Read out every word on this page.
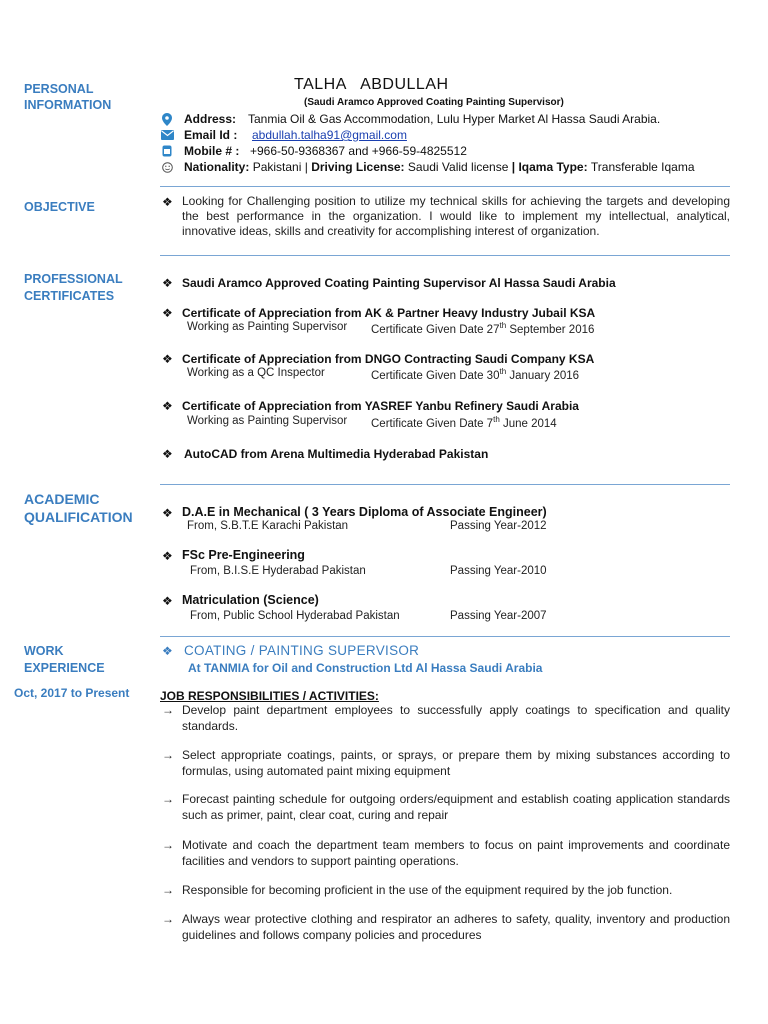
PERSONAL
INFORMATION
OBJECTIVE
PROFESSIONAL
CERTIFICATES
ACADEMIC
QUALIFICATION
WORK
EXPERIENCE
TALHA ABDULLAH
(Saudi Aramco Approved Coating Painting Supervisor)
Address: Tanmia Oil & Gas Accommodation, Lulu Hyper Market Al Hassa Saudi Arabia.
Email Id :	abdullah.talha91@gmail.com
Mobile # : +966-50-9368367 and +966-59-4825512
Nationality:
Pakistani |
Driving License:
Saudi Valid license
| Iqama Type:
Transferable Iqama
❖ Looking for Challenging position to utilize my technical skills for achieving the targets and developing the best performance in the organization. I would like to implement my intellectual, analytical, innovative ideas, skills and creativity for accomplishing interest of organization.
❖ Saudi Aramco Approved Coating Painting Supervisor Al Hassa Saudi Arabia
❖ Certificate of Appreciation from AK & Partner Heavy Industry Jubail KSA
Working as Painting Supervisor Certificate Given Date 27th September 2016
❖ Certificate of Appreciation from DNGO Contracting Saudi Company KSA
Working as a QC Inspector	Certificate Given Date 30th January 2016
❖ Certificate of Appreciation from YASREF Yanbu Refinery Saudi Arabia
Working as Painting Supervisor Certificate Given Date 7th June 2014
❖ AutoCAD from Arena Multimedia Hyderabad Pakistan
❖ D.A.E in Mechanical ( 3 Years Diploma of Associate Engineer)
From, S.B.T.E Karachi Pakistan	Passing Year-2012
❖ FSc Pre-Engineering
From, B.I.S.E Hyderabad Pakistan	Passing Year-2010
❖ Matriculation (Science)
From, Public School Hyderabad Pakistan	Passing Year-2007
Oct, 2017 to Present
❖ COATING / PAINTING SUPERVISOR
At TANMIA for Oil and Construction Ltd Al Hassa Saudi Arabia
JOB RESPONSIBILITIES / ACTIVITIES:
→ Develop paint department employees to successfully apply coatings to specification and quality standards.
→ Select appropriate coatings, paints, or sprays, or prepare them by mixing substances according to formulas, using automated paint mixing equipment
→ Forecast painting schedule for outgoing orders/equipment and establish coating application standards such as primer, paint, clear coat, curing and repair
→ Motivate and coach the department team members to focus on paint improvements and coordinate facilities and vendors to support painting operations.
→ Responsible for becoming proficient in the use of the equipment required by the job function.
→ Always wear protective clothing and respirator an adheres to safety, quality, inventory and production guidelines and follows company policies and procedures
